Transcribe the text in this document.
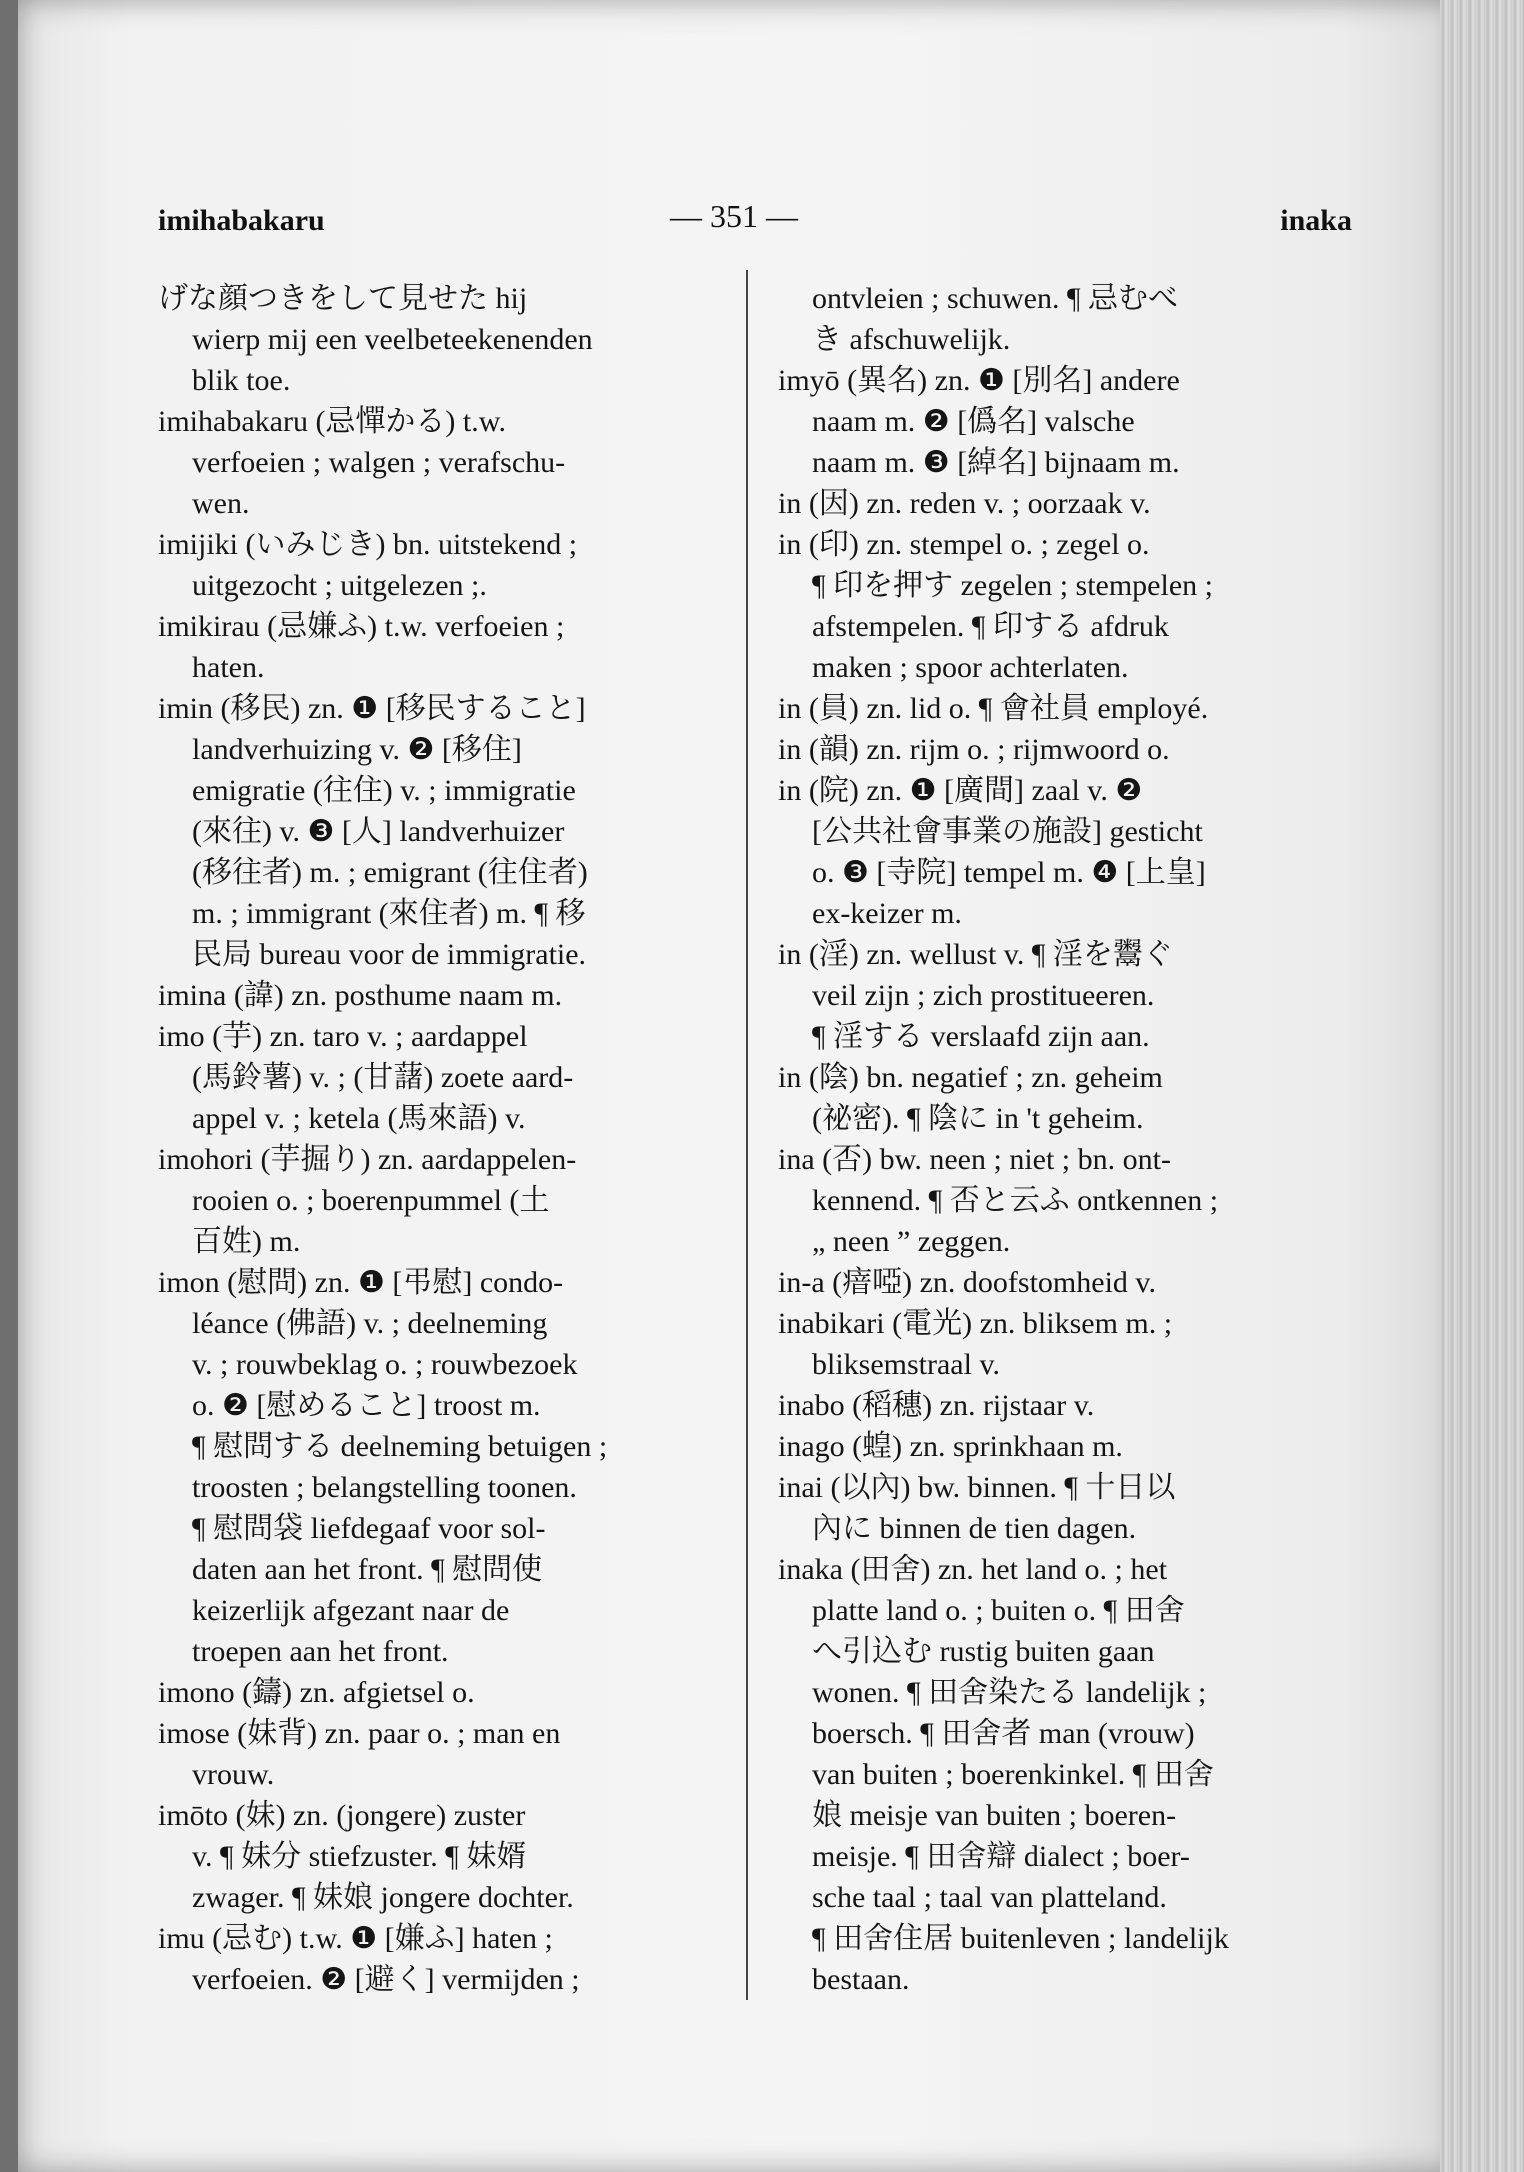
imihabakaru	— 351 —	inaka
げな顔つきをして見せた hij
wierp mij een veelbeteekenenden
blik toe.
imihabakaru (忌憚かる) t.w.
verfoeien ; walgen ; verafschu-
wen.
imijiki (いみじき) bn. uitstekend ;
uitgezocht ; uitgelezen ;.
imikirau (忌嫌ふ) t.w. verfoeien ;
haten.
imin (移民) zn. ❶ [移民すること]
landverhuizing v. ❷ [移住]
emigratie (往住) v. ; immigratie
(來往) v. ❸ [人] landverhuizer
(移往者) m. ; emigrant (往住者)
m. ; immigrant (來住者) m. ¶ 移
民局 bureau voor de immigratie.
imina (諱) zn. posthume naam m.
imo (芋) zn. taro v. ; aardappel
(馬鈴薯) v. ; (甘藷) zoete aard-
appel v. ; ketela (馬來語) v.
imohori (芋掘り) zn. aardappelen-
rooien o. ; boerenpummel (土
百姓) m.
imon (慰問) zn. ❶ [弔慰] condo-
léance (佛語) v. ; deelneming
v. ; rouwbeklag o. ; rouwbezoek
o. ❷ [慰めること] troost m.
¶ 慰問する deelneming betuigen ;
troosten ; belangstelling toonen.
¶ 慰問袋 liefdegaaf voor sol-
daten aan het front. ¶ 慰問使
keizerlijk afgezant naar de
troepen aan het front.
imono (鑄) zn. afgietsel o.
imose (妹背) zn. paar o. ; man en
vrouw.
imōto (妹) zn. (jongere) zuster
v. ¶ 妹分 stiefzuster. ¶ 妹婿
zwager. ¶ 妹娘 jongere dochter.
imu (忌む) t.w. ❶ [嫌ふ] haten ;
verfoeien. ❷ [避く] vermijden ;
ontvleien ; schuwen. ¶ 忌むべ
き afschuwelijk.
imyō (異名) zn. ❶ [別名] andere
naam m. ❷ [僞名] valsche
naam m. ❸ [綽名] bijnaam m.
in (因) zn. reden v. ; oorzaak v.
in (印) zn. stempel o. ; zegel o.
¶ 印を押す zegelen ; stempelen ;
afstempelen. ¶ 印する afdruk
maken ; spoor achterlaten.
in (員) zn. lid o. ¶ 會社員 employé.
in (韻) zn. rijm o. ; rijmwoord o.
in (院) zn. ❶ [廣間] zaal v. ❷
[公共社會事業の施設] gesticht
o. ❸ [寺院] tempel m. ❹ [上皇]
ex-keizer m.
in (淫) zn. wellust v. ¶ 淫を鬻ぐ
veil zijn ; zich prostitueeren.
¶ 淫する verslaafd zijn aan.
in (陰) bn. negatief ; zn. geheim
(祕密). ¶ 陰に in 't geheim.
ina (否) bw. neen ; niet ; bn. ont-
kennend. ¶ 否と云ふ ontkennen ;
„ neen ” zeggen.
in-a (瘖啞) zn. doofstomheid v.
inabikari (電光) zn. bliksem m. ;
bliksemstraal v.
inabo (稻穗) zn. rijstaar v.
inago (蝗) zn. sprinkhaan m.
inai (以內) bw. binnen. ¶ 十日以
內に binnen de tien dagen.
inaka (田舍) zn. het land o. ; het
platte land o. ; buiten o. ¶ 田舍
へ引込む rustig buiten gaan
wonen. ¶ 田舍染たる landelijk ;
boersch. ¶ 田舍者 man (vrouw)
van buiten ; boerenkinkel. ¶ 田舍
娘 meisje van buiten ; boeren-
meisje. ¶ 田舍辯 dialect ; boer-
sche taal ; taal van platteland.
¶ 田舍住居 buitenleven ; landelijk
bestaan.
